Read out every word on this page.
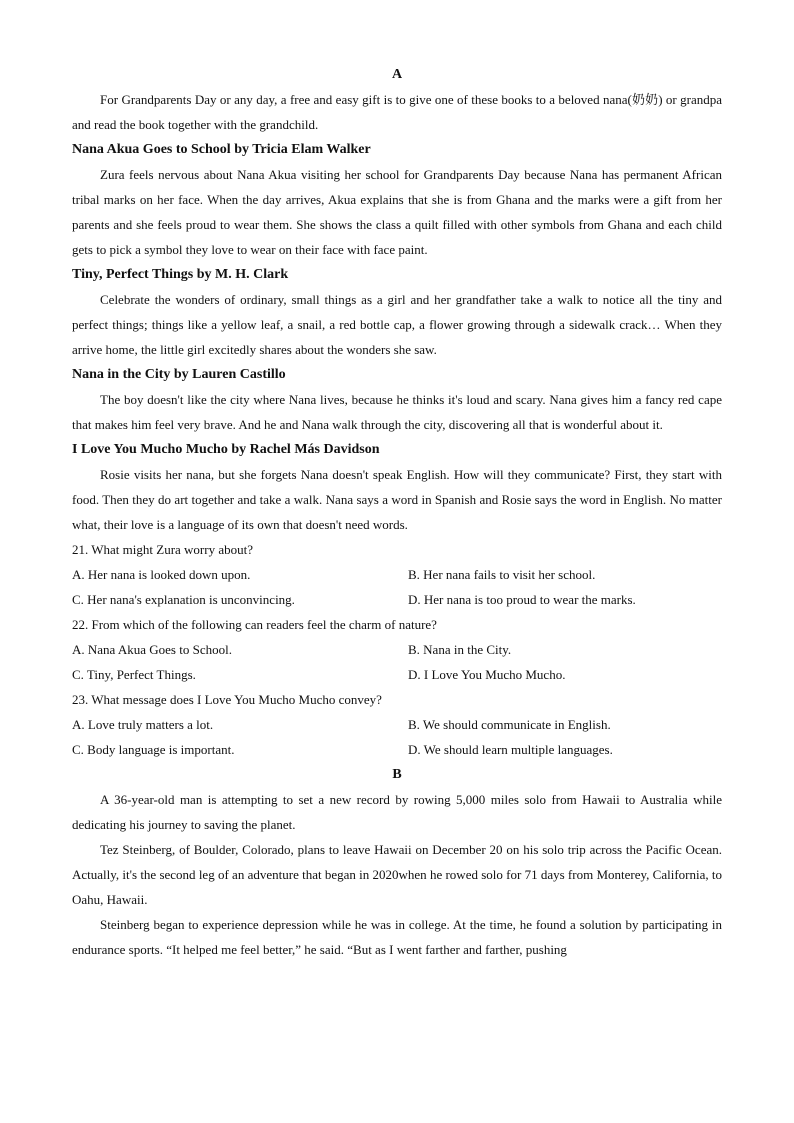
A

For Grandparents Day or any day, a free and easy gift is to give one of these books to a beloved nana(奶奶) or grandpa and read the book together with the grandchild.

Nana Akua Goes to School by Tricia Elam Walker

Zura feels nervous about Nana Akua visiting her school for Grandparents Day because Nana has permanent African tribal marks on her face. When the day arrives, Akua explains that she is from Ghana and the marks were a gift from her parents and she feels proud to wear them. She shows the class a quilt filled with other symbols from Ghana and each child gets to pick a symbol they love to wear on their face with face paint.

Tiny, Perfect Things by M. H. Clark

Celebrate the wonders of ordinary, small things as a girl and her grandfather take a walk to notice all the tiny and perfect things; things like a yellow leaf, a snail, a red bottle cap, a flower growing through a sidewalk crack… When they arrive home, the little girl excitedly shares about the wonders she saw.

Nana in the City by Lauren Castillo

The boy doesn't like the city where Nana lives, because he thinks it's loud and scary. Nana gives him a fancy red cape that makes him feel very brave. And he and Nana walk through the city, discovering all that is wonderful about it.

I Love You Mucho Mucho by Rachel Más Davidson

Rosie visits her nana, but she forgets Nana doesn't speak English. How will they communicate? First, they start with food. Then they do art together and take a walk. Nana says a word in Spanish and Rosie says the word in English. No matter what, their love is a language of its own that doesn't need words.

21. What might Zura worry about?

A. Her nana is looked down upon.	B. Her nana fails to visit her school.

C. Her nana's explanation is unconvincing.	D. Her nana is too proud to wear the marks.

22. From which of the following can readers feel the charm of nature?

A. Nana Akua Goes to School.	B. Nana in the City.

C. Tiny, Perfect Things.	D. I Love You Mucho Mucho.

23. What message does I Love You Mucho Mucho convey?

A. Love truly matters a lot.	B. We should communicate in English.

C. Body language is important.	D. We should learn multiple languages.

B

A 36-year-old man is attempting to set a new record by rowing 5,000 miles solo from Hawaii to Australia while dedicating his journey to saving the planet.

Tez Steinberg, of Boulder, Colorado, plans to leave Hawaii on December 20 on his solo trip across the Pacific Ocean. Actually, it's the second leg of an adventure that began in 2020when he rowed solo for 71 days from Monterey, California, to Oahu, Hawaii.

Steinberg began to experience depression while he was in college. At the time, he found a solution by participating in endurance sports. “It helped me feel better,” he said. “But as I went farther and farther, pushing
